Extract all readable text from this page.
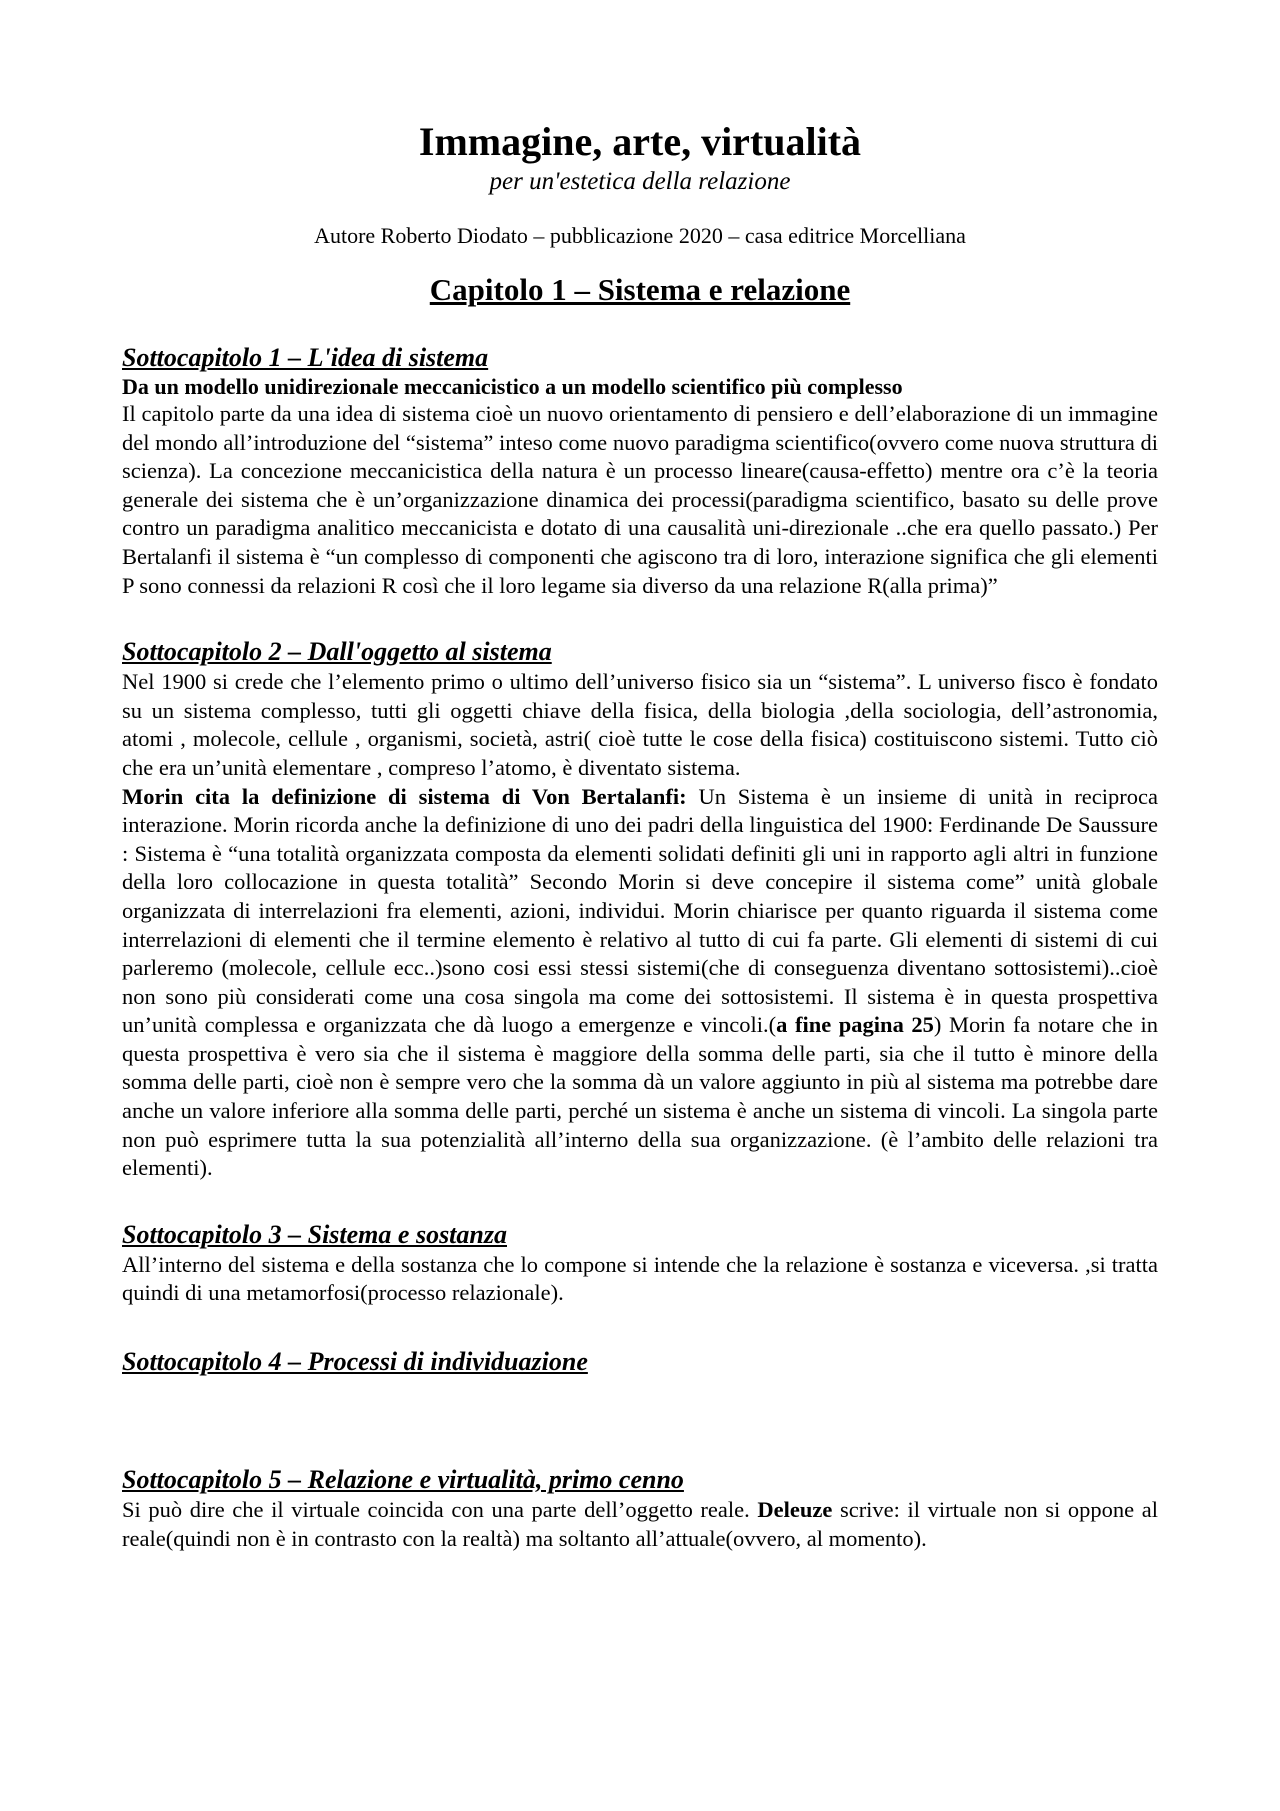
Immagine, arte, virtualità

per un'estetica della relazione

Autore Roberto Diodato – pubblicazione 2020 – casa editrice Morcelliana

Capitolo 1 – Sistema e relazione
Sottocapitolo 1 – L'idea di sistema

Da un modello unidirezionale meccanicistico a un modello scientifico più complesso

Il capitolo parte da una idea di sistema cioè un nuovo orientamento di pensiero e dell’elaborazione di un immagine del mondo all’introduzione del “sistema” inteso come nuovo paradigma scientifico(ovvero come nuova struttura di scienza). La concezione meccanicistica della natura è un processo lineare(causa-effetto) mentre ora c’è la teoria generale dei sistema che è un’organizzazione dinamica dei processi(paradigma scientifico, basato su delle prove contro un paradigma analitico meccanicista e dotato di una causalità uni-direzionale ..che era quello passato.) Per Bertalanfi il sistema è “un complesso di componenti che agiscono tra di loro, interazione significa che gli elementi P sono connessi da relazioni R così che il loro legame sia diverso da una relazione R(alla prima)”

Sottocapitolo 2 – Dall'oggetto al sistema

Nel 1900 si crede che l’elemento primo o ultimo dell’universo fisico sia un “sistema”. L universo fisco è fondato su un sistema complesso, tutti gli oggetti chiave della fisica, della biologia ,della sociologia, dell’astronomia, atomi , molecole, cellule , organismi, società, astri( cioè tutte le cose della fisica) costituiscono sistemi. Tutto ciò che era un’unità elementare , compreso l’atomo, è diventato sistema.

Morin cita la definizione di sistema di Von Bertalanfi: Un Sistema è un insieme di unità in reciproca interazione. Morin ricorda anche la definizione di uno dei padri della linguistica del 1900: Ferdinande De Saussure : Sistema è “una totalità organizzata composta da elementi solidati definiti gli uni in rapporto agli altri in funzione della loro collocazione in questa totalità” Secondo Morin si deve concepire il sistema come” unità globale organizzata di interrelazioni fra elementi, azioni, individui. Morin chiarisce per quanto riguarda il sistema come interrelazioni di elementi che il termine elemento è relativo al tutto di cui fa parte. Gli elementi di sistemi di cui parleremo (molecole, cellule ecc..)sono cosi essi stessi sistemi(che di conseguenza diventano sottosistemi)..cioè non sono più considerati come una cosa singola ma come dei sottosistemi. Il sistema è in questa prospettiva un’unità complessa e organizzata che dà luogo a emergenze e vincoli.(a fine pagina 25) Morin fa notare che in questa prospettiva è vero sia che il sistema è maggiore della somma delle parti, sia che il tutto è minore della somma delle parti, cioè non è sempre vero che la somma dà un valore aggiunto in più al sistema ma potrebbe dare anche un valore inferiore alla somma delle parti, perché un sistema è anche un sistema di vincoli. La singola parte non può esprimere tutta la sua potenzialità all’interno della sua organizzazione. (è l’ambito delle relazioni tra elementi).

Sottocapitolo 3 – Sistema e sostanza

All’interno del sistema e della sostanza che lo compone si intende che la relazione è sostanza e viceversa. ,si tratta quindi di una metamorfosi(processo relazionale).

Sottocapitolo 4 – Processi di individuazione
Sottocapitolo 5 – Relazione e virtualità, primo cenno

Si può dire che il virtuale coincida con una parte dell’oggetto reale. Deleuze scrive: il virtuale non si oppone al reale(quindi non è in contrasto con la realtà) ma soltanto all’attuale(ovvero, al momento).
